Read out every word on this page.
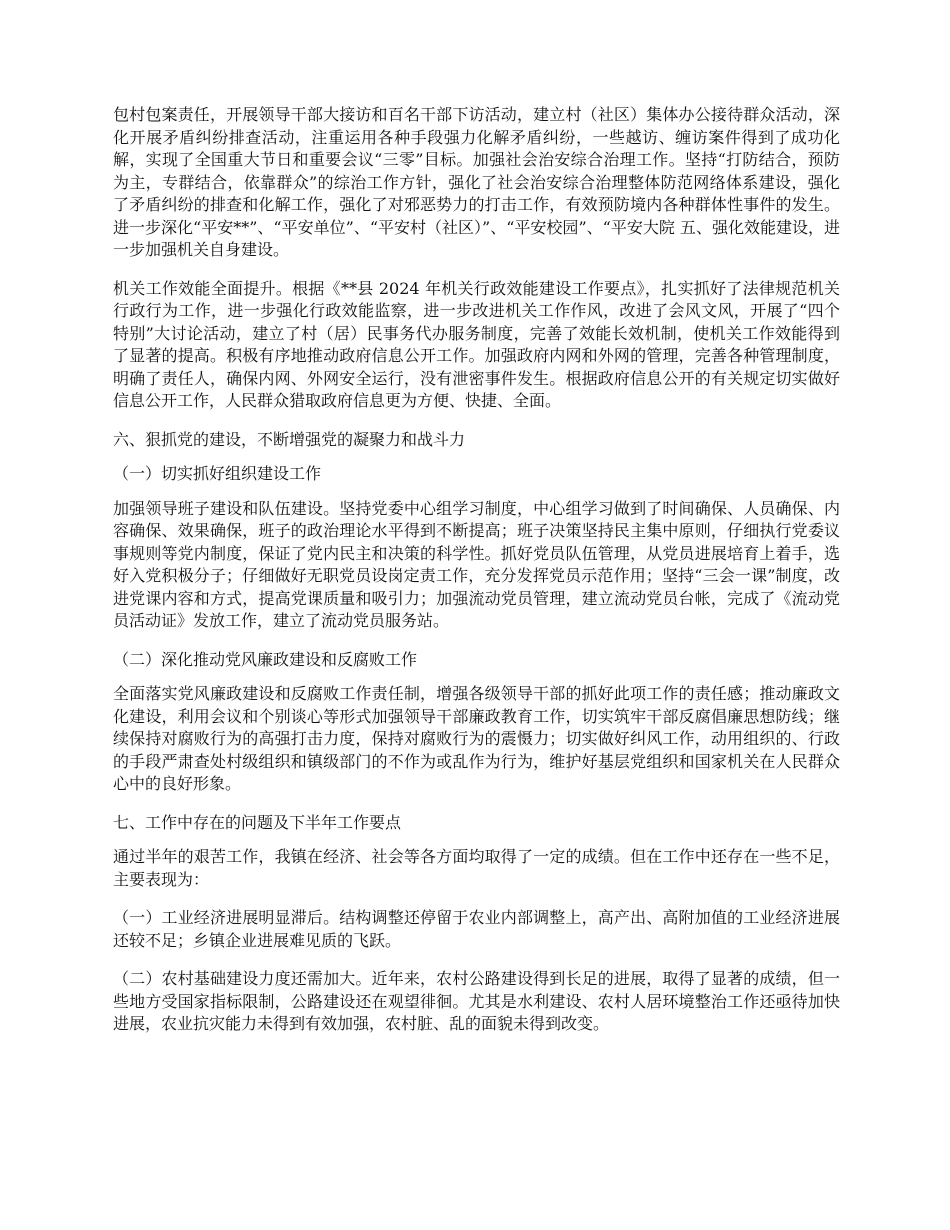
包村包案责任，开展领导干部大接访和百名干部下访活动，建立村（社区）集体办公接待群众活动，深化开展矛盾纠纷排查活动，注重运用各种手段强力化解矛盾纠纷，一些越访、缠访案件得到了成功化解，实现了全国重大节日和重要会议“三零”目标。加强社会治安综合治理工作。坚持“打防结合，预防为主，专群结合，依靠群众”的综治工作方针，强化了社会治安综合治理整体防范网络体系建设，强化了矛盾纠纷的排查和化解工作，强化了对邪恶势力的打击工作，有效预防境内各种群体性事件的发生。进一步深化“平安**”、“平安单位”、“平安村（社区）”、“平安校园”、“平安大院 五、强化效能建设，进一步加强机关自身建设。

机关工作效能全面提升。根据《**县 2024 年机关行政效能建设工作要点》，扎实抓好了法律规范机关行政行为工作，进一步强化行政效能监察，进一步改进机关工作作风，改进了会风文风，开展了“四个特别”大讨论活动，建立了村（居）民事务代办服务制度，完善了效能长效机制，使机关工作效能得到了显著的提高。积极有序地推动政府信息公开工作。加强政府内网和外网的管理，完善各种管理制度，明确了责任人，确保内网、外网安全运行，没有泄密事件发生。根据政府信息公开的有关规定切实做好信息公开工作，人民群众猎取政府信息更为方便、快捷、全面。

六、狠抓党的建设，不断增强党的凝聚力和战斗力

（一）切实抓好组织建设工作

加强领导班子建设和队伍建设。坚持党委中心组学习制度，中心组学习做到了时间确保、人员确保、内容确保、效果确保，班子的政治理论水平得到不断提高；班子决策坚持民主集中原则，仔细执行党委议事规则等党内制度，保证了党内民主和决策的科学性。抓好党员队伍管理，从党员进展培育上着手，选好入党积极分子；仔细做好无职党员设岗定责工作，充分发挥党员示范作用；坚持“三会一课”制度，改进党课内容和方式，提高党课质量和吸引力；加强流动党员管理，建立流动党员台帐，完成了《流动党员活动证》发放工作，建立了流动党员服务站。

（二）深化推动党风廉政建设和反腐败工作

全面落实党风廉政建设和反腐败工作责任制，增强各级领导干部的抓好此项工作的责任感；推动廉政文化建设，利用会议和个别谈心等形式加强领导干部廉政教育工作，切实筑牢干部反腐倡廉思想防线；继续保持对腐败行为的高强打击力度，保持对腐败行为的震慑力；切实做好纠风工作，动用组织的、行政的手段严肃查处村级组织和镇级部门的不作为或乱作为行为，维护好基层党组织和国家机关在人民群众心中的良好形象。

七、工作中存在的问题及下半年工作要点

通过半年的艰苦工作，我镇在经济、社会等各方面均取得了一定的成绩。但在工作中还存在一些不足，主要表现为：

（一）工业经济进展明显滞后。结构调整还停留于农业内部调整上，高产出、高附加值的工业经济进展还较不足；乡镇企业进展难见质的飞跃。

（二）农村基础建设力度还需加大。近年来，农村公路建设得到长足的进展，取得了显著的成绩，但一些地方受国家指标限制，公路建设还在观望徘徊。尤其是水利建设、农村人居环境整治工作还亟待加快进展，农业抗灾能力未得到有效加强，农村脏、乱的面貌未得到改变。
